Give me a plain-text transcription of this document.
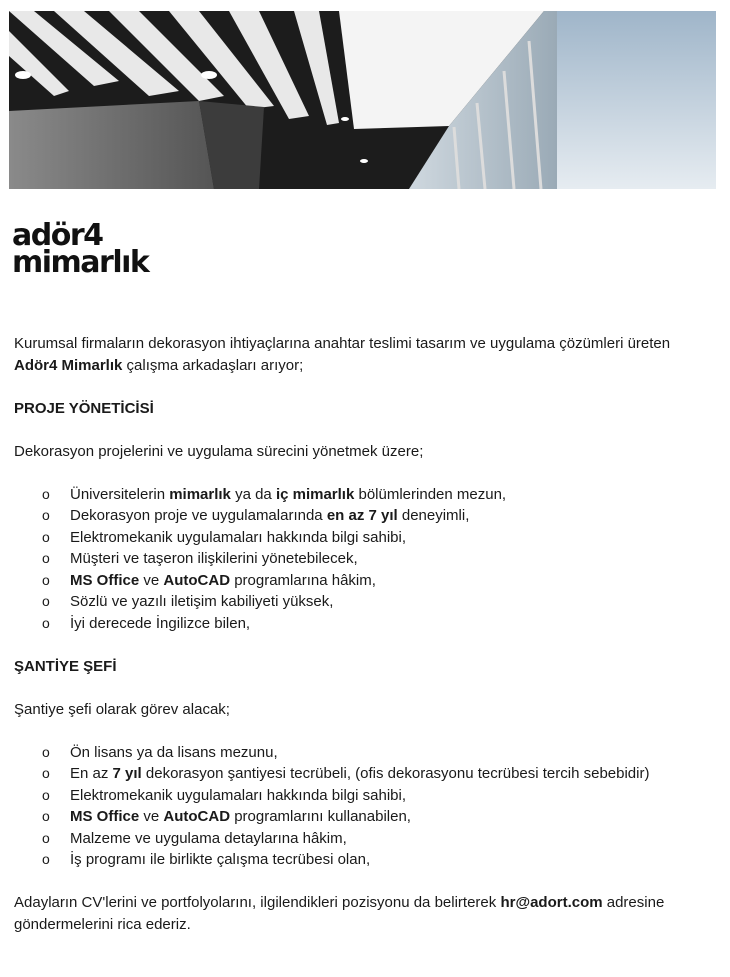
adör4
mimarlık

Kurumsal firmaların dekorasyon ihtiyaçlarına anahtar teslimi tasarım ve uygulama çözümleri üreten
Adör4 Mimarlık çalışma arkadaşları arıyor;

PROJE YÖNETİCİSİ

Dekorasyon projelerini ve uygulama sürecini yönetmek üzere;

o Üniversitelerin mimarlık ya da iç mimarlık bölümlerinden mezun,
o Dekorasyon proje ve uygulamalarında en az 7 yıl deneyimli,
o Elektromekanik uygulamaları hakkında bilgi sahibi,
o Müşteri ve taşeron ilişkilerini yönetebilecek,
o MS Office ve AutoCAD programlarına hâkim,
o Sözlü ve yazılı iletişim kabiliyeti yüksek,
o İyi derecede İngilizce bilen,

ŞANTİYE ŞEFİ

Şantiye şefi olarak görev alacak;

o Ön lisans ya da lisans mezunu,
o En az 7 yıl dekorasyon şantiyesi tecrübeli, (ofis dekorasyonu tecrübesi tercih sebebidir)
o Elektromekanik uygulamaları hakkında bilgi sahibi,
o MS Office ve AutoCAD programlarını kullanabilen,
o Malzeme ve uygulama detaylarına hâkim,
o İş programı ile birlikte çalışma tecrübesi olan,

Adayların CV'lerini ve portfolyolarını, ilgilendikleri pozisyonu da belirterek hr@adort.com adresine göndermelerini rica ederiz.
